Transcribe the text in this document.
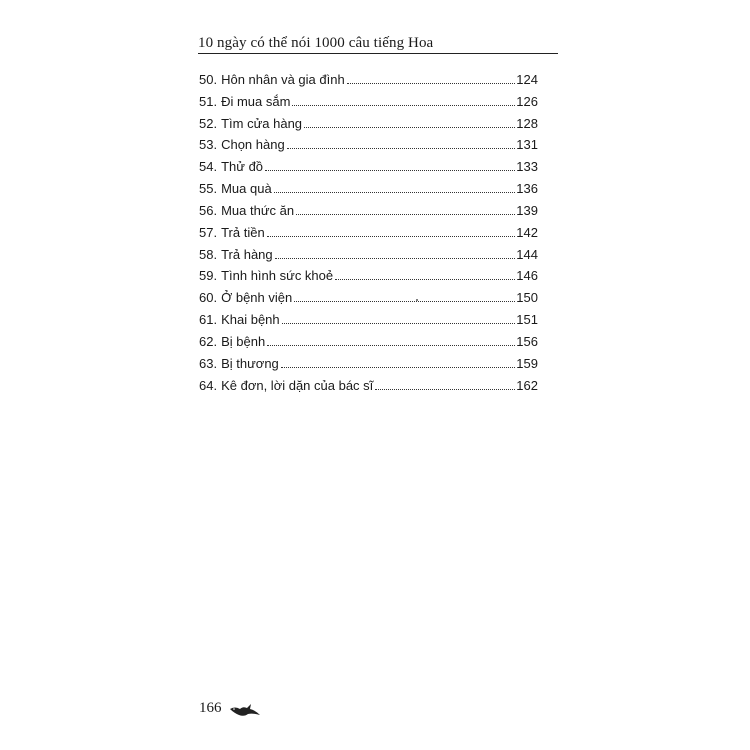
10 ngày có thể nói 1000 câu tiếng Hoa
50. Hôn nhân và gia đình	124
51. Đi mua sắm	126
52. Tìm cửa hàng	128
53. Chọn hàng	131
54. Thử đồ	133
55. Mua quà	136
56. Mua thức ăn	139
57. Trả tiền	142
58. Trả hàng	144
59. Tình hình sức khoẻ	146
60. Ở bệnh viện	150
61. Khai bệnh	151
62. Bị bệnh	156
63. Bị thương	159
64. Kê đơn, lời dặn của bác sĩ	162
166
